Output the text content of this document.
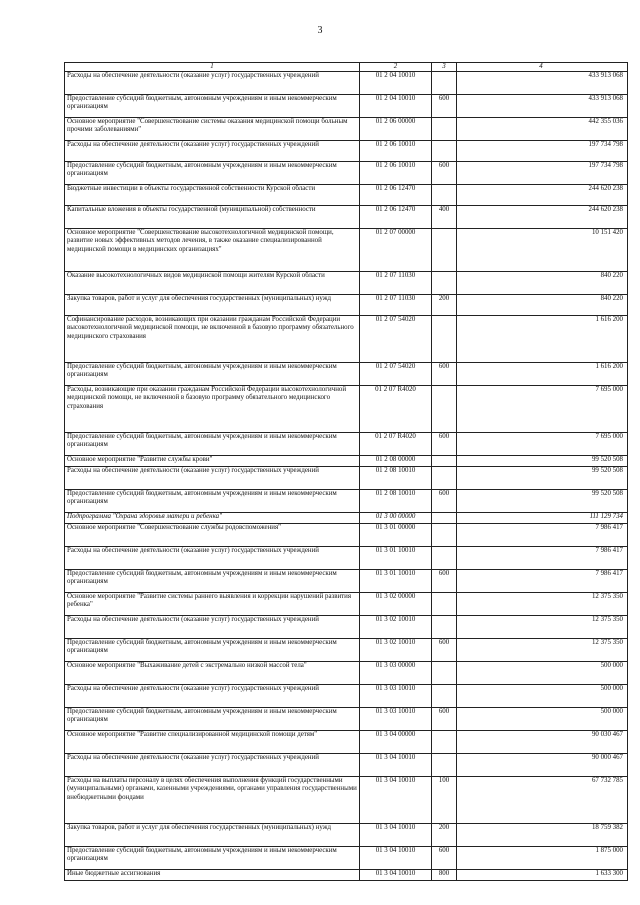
3
1	2	3	4
Расходы на обеспечение деятельности (оказание услуг) государственных учреждений	01 2 04 10010		433 913 068
Предоставление субсидий бюджетным, автономным учреждениям и иным некоммерческим организациям	01 2 04 10010	600	433 913 068
Основное мероприятие "Совершенствование системы оказания медицинской помощи больным прочими заболеваниями"	01 2 06 00000		442 355 036
Расходы на обеспечение деятельности (оказание услуг) государственных учреждений	01 2 06 10010		197 734 798
Предоставление субсидий бюджетным, автономным учреждениям и иным некоммерческим организациям	01 2 06 10010	600	197 734 798
Бюджетные инвестиции в объекты государственной собственности Курской области	01 2 06 12470		244 620 238
Капитальные вложения в объекты государственной (муниципальной) собственности	01 2 06 12470	400	244 620 238
Основное мероприятие "Совершенствование высокотехнологичной медицинской помощи, развитие новых эффективных методов лечения, в также оказание специализированной медицинской помощи в медицинских организациях"	01 2 07 00000		10 151 420
Оказание высокотехнологичных видов медицинской помощи жителям Курской области	01 2 07 11030		840 220
Закупка товаров, работ и услуг для обеспечения государственных (муниципальных) нужд	01 2 07 11030	200	840 220
Софинансирование расходов, возникающих при оказании гражданам Российской Федерации высокотехнологичной медицинской помощи, не включенной в базовую программу обязательного медицинского страхования	01 2 07 54020		1 616 200
Предоставление субсидий бюджетным, автономным учреждениям и иным некоммерческим организациям	01 2 07 54020	600	1 616 200
Расходы, возникающие при оказании гражданам Российской Федерации высокотехнологичной медицинской помощи, не включенной в базовую программу обязательного медицинского страхования	01 2 07 R4020		7 695 000
Предоставление субсидий бюджетным, автономным учреждениям и иным некоммерческим организациям	01 2 07 R4020	600	7 695 000
Основное мероприятие "Развитие службы крови"	01 2 08 00000		99 520 508
Расходы на обеспечение деятельности (оказание услуг) государственных учреждений	01 2 08 10010		99 520 508
Предоставление субсидий бюджетным, автономным учреждениям и иным некоммерческим организациям	01 2 08 10010	600	99 520 508
Подпрограмма "Охрана здоровья матери и ребенка"	01 3 00 00000		111 129 734
Основное мероприятие "Совершенствование службы родовспоможения"	01 3 01 00000		7 986 417
Расходы на обеспечение деятельности (оказание услуг) государственных учреждений	01 3 01 10010		7 986 417
Предоставление субсидий бюджетным, автономным учреждениям и иным некоммерческим организациям	01 3 01 10010	600	7 986 417
Основное мероприятие "Развитие системы раннего выявления и коррекции нарушений развития ребенка"	01 3 02 00000		12 375 350
Расходы на обеспечение деятельности (оказание услуг) государственных учреждений	01 3 02 10010		12 375 350
Предоставление субсидий бюджетным, автономным учреждениям и иным некоммерческим организациям	01 3 02 10010	600	12 375 350
Основное мероприятие "Выхаживание детей с экстремально низкой массой тела"	01 3 03 00000		500 000
Расходы на обеспечение деятельности (оказание услуг) государственных учреждений	01 3 03 10010		500 000
Предоставление субсидий бюджетным, автономным учреждениям и иным некоммерческим организациям	01 3 03 10010	600	500 000
Основное мероприятие "Развитие специализированной медицинской помощи детям"	01 3 04 00000		90 030 467
Расходы на обеспечение деятельности (оказание услуг) государственных учреждений	01 3 04 10010		90 000 467
Расходы на выплаты персоналу в целях обеспечения выполнения функций государственными (муниципальными) органами, казенными учреждениями, органами управления государственными внебюджетными фондами	01 3 04 10010	100	67 732 785
Закупка товаров, работ и услуг для обеспечения государственных (муниципальных) нужд	01 3 04 10010	200	18 759 382
Предоставление субсидий бюджетным, автономным учреждениям и иным некоммерческим организациям	01 3 04 10010	600	1 875 000
Иные бюджетные ассигнования	01 3 04 10010	800	1 633 300
